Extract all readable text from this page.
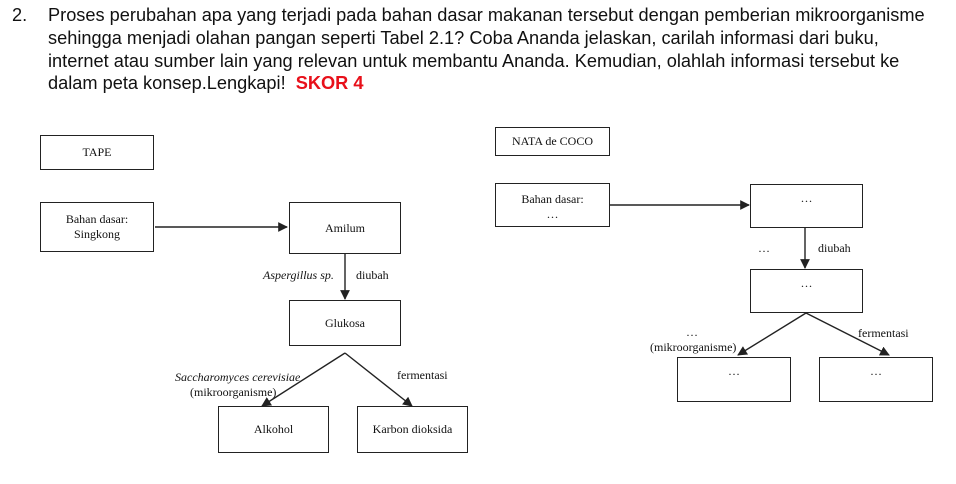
2. Proses perubahan apa yang terjadi pada bahan dasar makanan tersebut dengan pemberian mikroorganisme sehingga menjadi olahan pangan seperti Tabel 2.1? Coba Ananda jelaskan, carilah informasi dari buku, internet atau sumber lain yang relevan untuk membantu Ananda. Kemudian, olahlah informasi tersebut ke dalam peta konsep.Lengkapi! SKOR 4
TAPE
Bahan dasar:
Singkong	Amilum
Aspergillus sp. diubah
Glukosa
Saccharomyces cerevisiae
(mikroorganisme)
fermentasi
Alkohol	Karbon dioksida
NATA de COCO
Bahan dasar:
…
…
…	diubah
…
…
(mikroorganisme)
fermentasi
…	…
